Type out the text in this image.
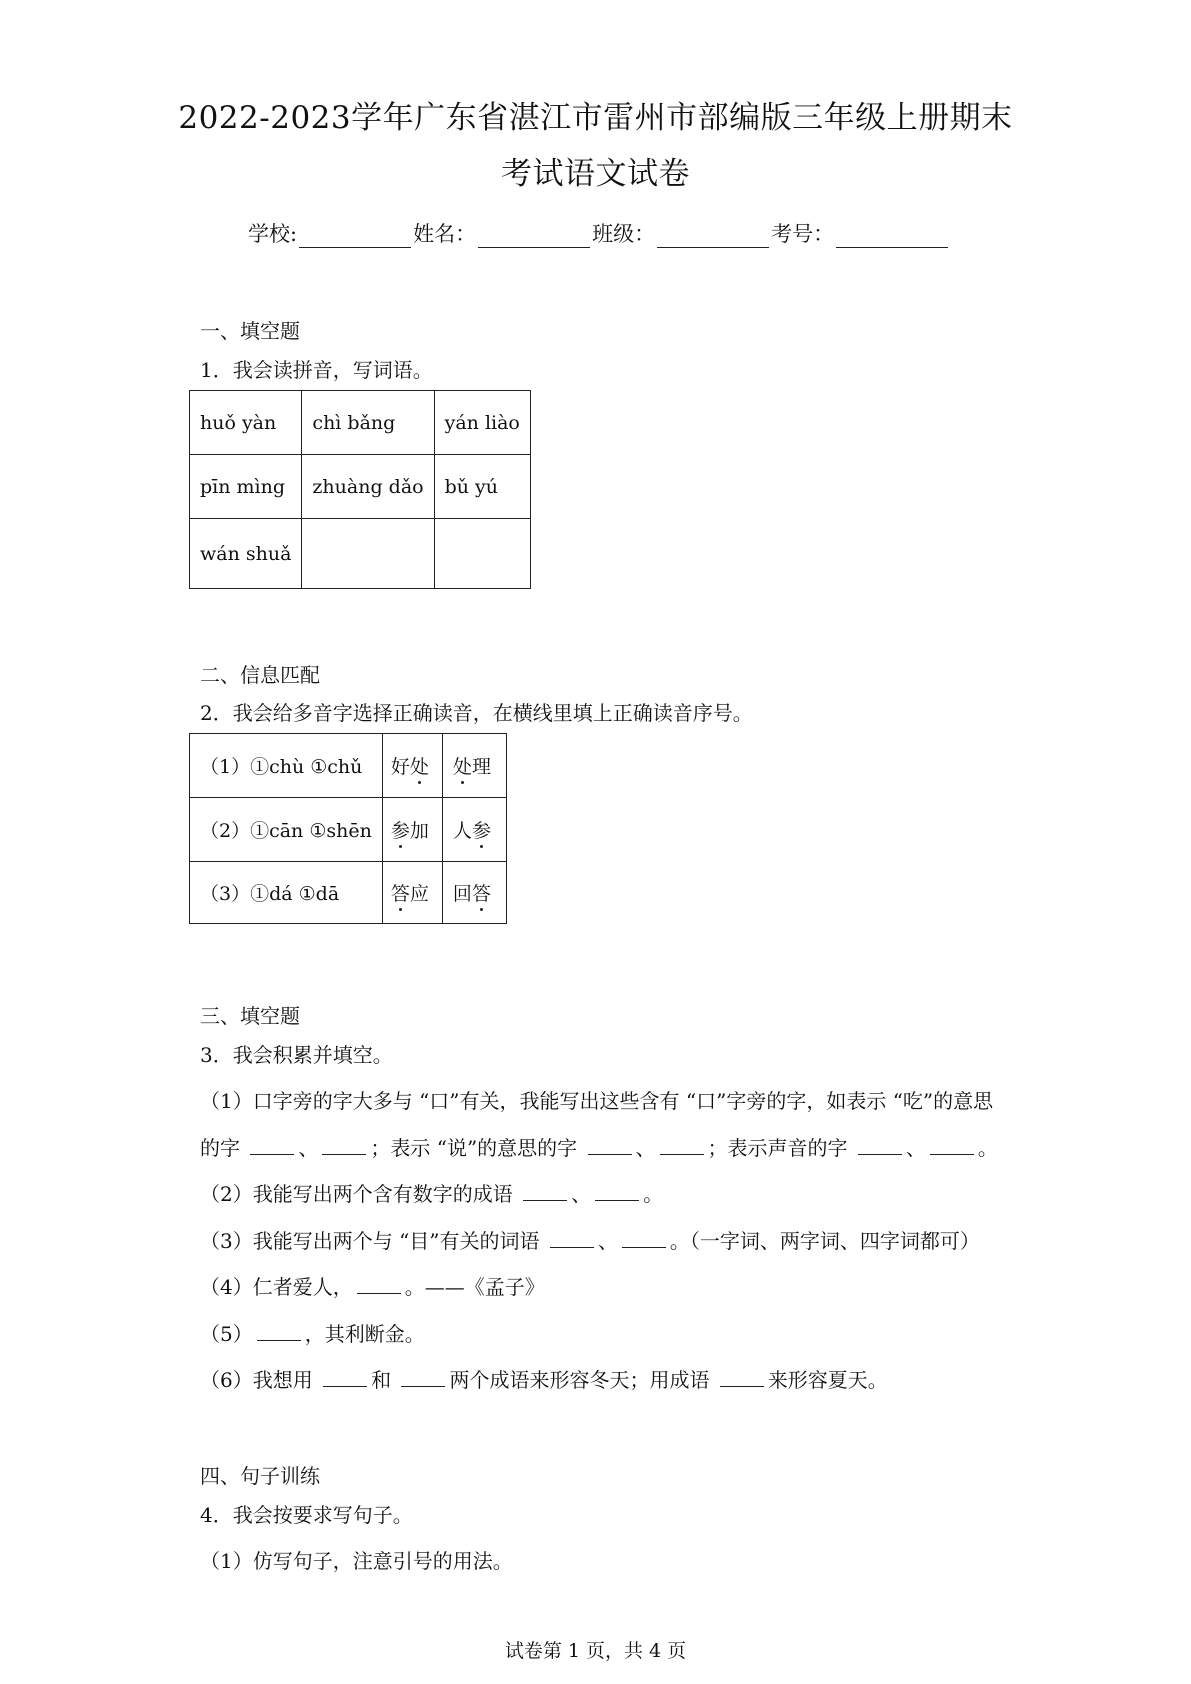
2022-2023学年广东省湛江市雷州市部编版三年级上册期末
考试语文试卷
学校:	姓名：	班级：	考号：
一、填空题
1．我会读拼音，写词语。
huǒ yàn	chì bǎng	yán liào
pīn mìng	zhuàng dǎo	bǔ yú
wán shuǎ		
二、信息匹配
2．我会给多音字选择正确读音，在横线里填上正确读音序号。
（1）①chù ①chǔ	好处	处理
（2）①cān ①shēn	参加	人参
（3）①dá ①dā	答应	回答
三、填空题
3．我会积累并填空。
（1）口字旁的字大多与 “口”有关，我能写出这些含有 “口”字旁的字，如表示 “吃”的意思
的字	、	；表示 “说”的意思的字	、	；表示声音的字	、	。
（2）我能写出两个含有数字的成语	、	。
（3）我能写出两个与 “目”有关的词语	、	。（一字词、两字词、四字词都可）
（4）仁者爱人，	。——《孟子》
（5）	，其利断金。
（6）我想用	和	两个成语来形容冬天；用成语	来形容夏天。
四、句子训练
4．我会按要求写句子。
（1）仿写句子，注意引号的用法。
试卷第 1 页，共 4 页
